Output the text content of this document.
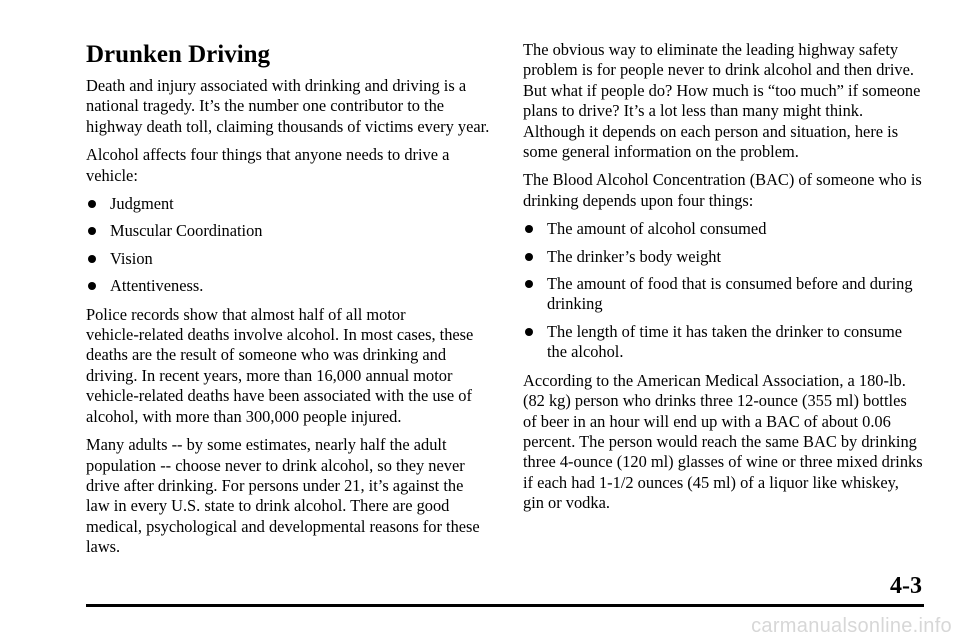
Drunken Driving

Death and injury associated with drinking and driving is a national tragedy. It’s the number one contributor to the highway death toll, claiming thousands of victims every year.

Alcohol affects four things that anyone needs to drive a vehicle:

Judgment
Muscular Coordination
Vision
Attentiveness.

Police records show that almost half of all motor vehicle‑related deaths involve alcohol. In most cases, these deaths are the result of someone who was drinking and driving. In recent years, more than 16,000 annual motor vehicle‑related deaths have been associated with the use of alcohol, with more than 300,000 people injured.

Many adults ‑‑ by some estimates, nearly half the adult population ‑‑ choose never to drink alcohol, so they never drive after drinking. For persons under 21, it’s against the law in every U.S. state to drink alcohol. There are good medical, psychological and developmental reasons for these laws.

The obvious way to eliminate the leading highway safety problem is for people never to drink alcohol and then drive. But what if people do? How much is “too much” if someone plans to drive? It’s a lot less than many might think. Although it depends on each person and situation, here is some general information on the problem.

The Blood Alcohol Concentration (BAC) of someone who is drinking depends upon four things:

The amount of alcohol consumed
The drinker’s body weight
The amount of food that is consumed before and during drinking
The length of time it has taken the drinker to consume the alcohol.

According to the American Medical Association, a 180‑lb. (82 kg) person who drinks three 12‑ounce (355 ml) bottles of beer in an hour will end up with a BAC of about 0.06 percent. The person would reach the same BAC by drinking three 4‑ounce (120 ml) glasses of wine or three mixed drinks if each had 1‑1/2 ounces (45 ml) of a liquor like whiskey, gin or vodka.

4-3
carmanualsonline.info
